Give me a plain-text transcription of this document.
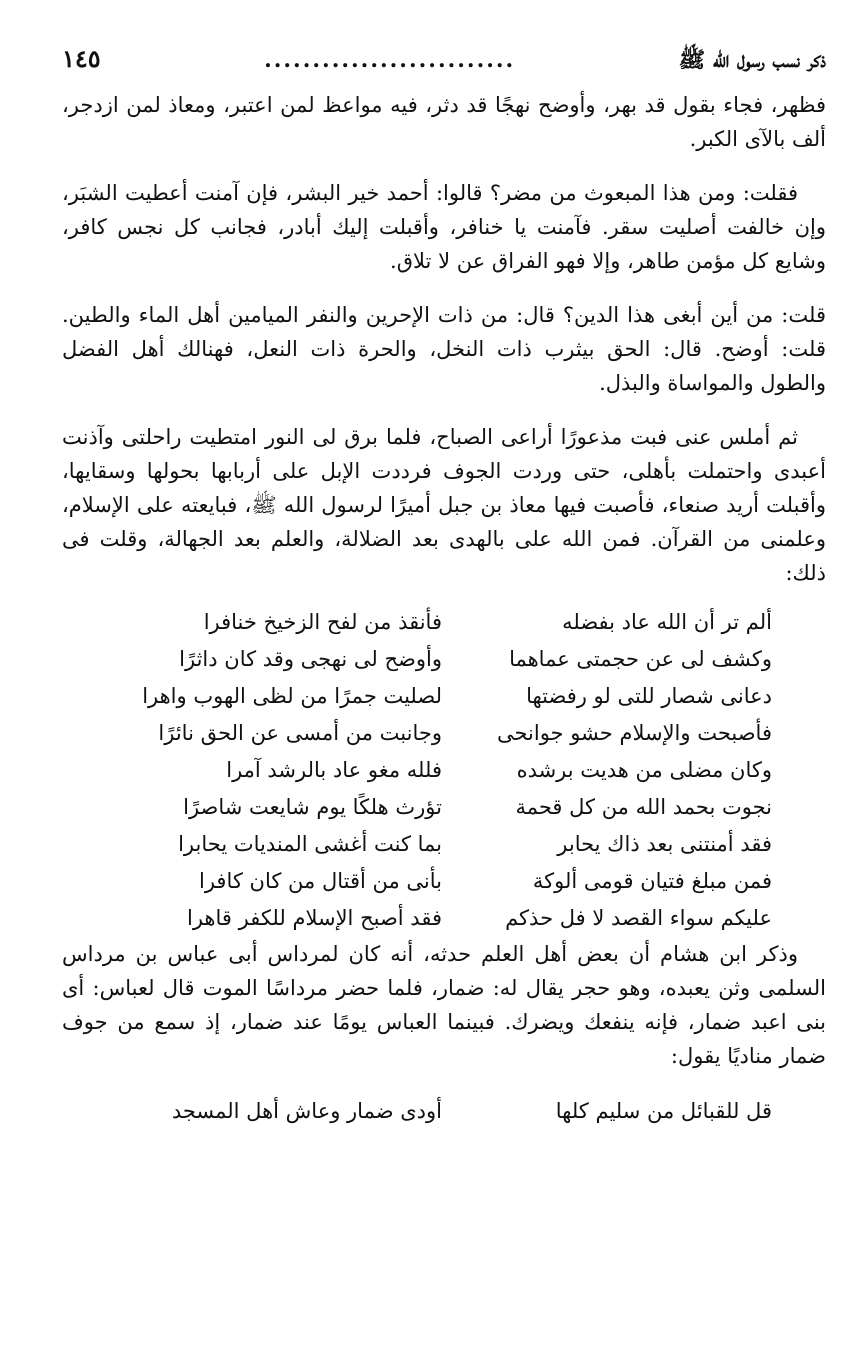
ذكر نسب رسول الله ﷺ
..........................
١٤٥

فظهر، فجاء بقول قد بهر، وأوضح نهجًا قد دثر، فيه مواعظ لمن اعتبر، ومعاذ لمن ازدجر، ألف بالآى الكبر.

فقلت: ومن هذا المبعوث من مضر؟ قالوا: أحمد خير البشر، فإن آمنت أعطيت الشبَر، وإن خالفت أصليت سقر. فآمنت يا خنافر، وأقبلت إليك أبادر، فجانب كل نجس كافر، وشايع كل مؤمن طاهر، وإلا فهو الفراق عن لا تلاق.

قلت: من أين أبغى هذا الدين؟ قال: من ذات الإحرين والنفر الميامين أهل الماء والطين. قلت: أوضح. قال: الحق بيثرب ذات النخل، والحرة ذات النعل، فهنالك أهل الفضل والطول والمواساة والبذل.

ثم أملس عنى فبت مذعورًا أراعى الصباح، فلما برق لى النور امتطيت راحلتى وآذنت أعبدى واحتملت بأهلى، حتى وردت الجوف فرددت الإبل على أربابها بحولها وسقايها، وأقبلت أريد صنعاء، فأصبت فيها معاذ بن جبل أميرًا لرسول الله ﷺ، فبايعته على الإسلام، وعلمنى من القرآن. فمن الله على بالهدى بعد الضلالة، والعلم بعد الجهالة، وقلت فى ذلك:

ألم تر أن الله عاد بفضله
فأنقذ من لفح الزخيخ خنافرا
وكشف لى عن حجمتى عماهما
وأوضح لى نهجى وقد كان داثرًا
دعانى شصار للتى لو رفضتها
لصليت جمرًا من لظى الهوب واهرا
فأصبحت والإسلام حشو جوانحى
وجانبت من أمسى عن الحق نائرًا
وكان مضلى من هديت برشده
فلله مغو عاد بالرشد آمرا
نجوت بحمد الله من كل قحمة
تؤرث هلكًا يوم شايعت شاصرًا
فقد أمنتنى بعد ذاك يحابر
بما كنت أغشى المنديات يحابرا
فمن مبلغ فتيان قومى ألوكة
بأنى من أقتال من كان كافرا
عليكم سواء القصد لا فل حذكم
فقد أصبح الإسلام للكفر قاهرا

وذكر ابن هشام أن بعض أهل العلم حدثه، أنه كان لمرداس أبى عباس بن مرداس السلمى وثن يعبده، وهو حجر يقال له: ضمار، فلما حضر مرداسًا الموت قال لعباس: أى بنى اعبد ضمار، فإنه ينفعك ويضرك. فبينما العباس يومًا عند ضمار، إذ سمع من جوف ضمار مناديًا يقول:

قل للقبائل من سليم كلها
أودى ضمار وعاش أهل المسجد
